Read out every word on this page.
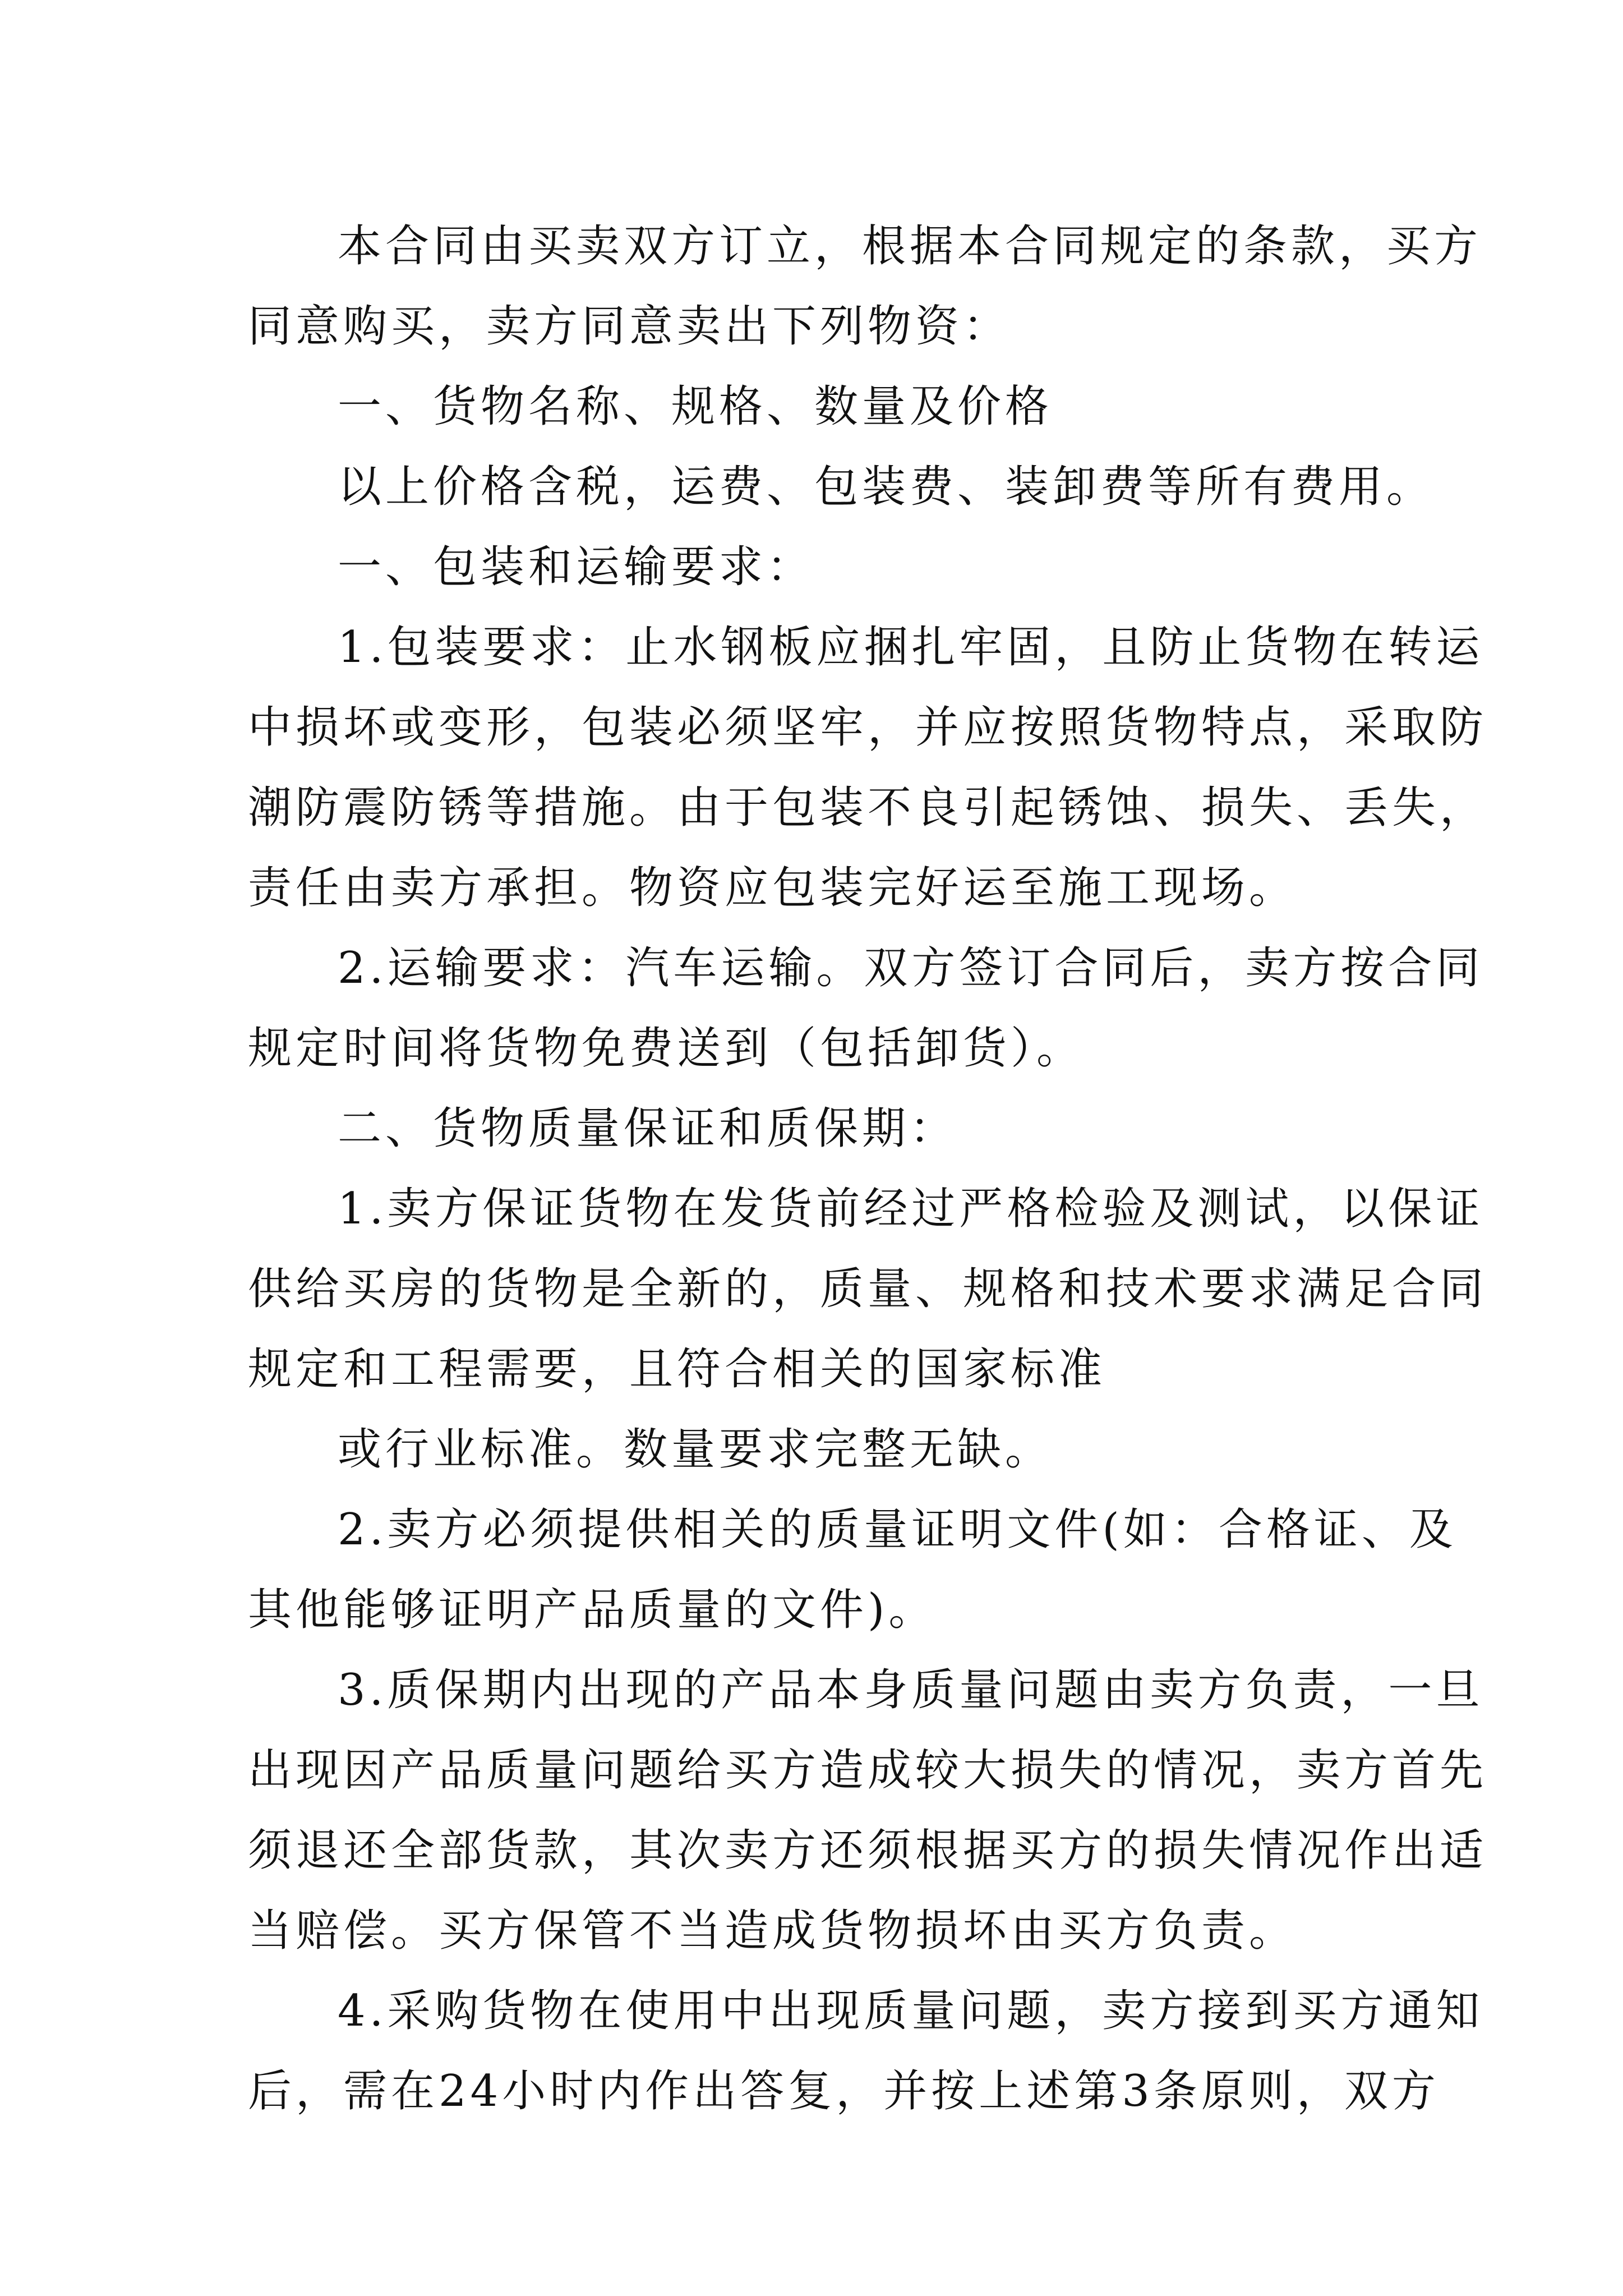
本合同由买卖双方订立，根据本合同规定的条款，买方
同意购买，卖方同意卖出下列物资：
一、货物名称、规格、数量及价格
以上价格含税，运费、包装费、装卸费等所有费用。
一、包装和运输要求：
1.包装要求：止水钢板应捆扎牢固，且防止货物在转运
中损坏或变形，包装必须坚牢，并应按照货物特点，采取防
潮防震防锈等措施。由于包装不良引起锈蚀、损失、丢失，
责任由卖方承担。物资应包装完好运至施工现场。
2.运输要求：汽车运输。双方签订合同后，卖方按合同
规定时间将货物免费送到（包括卸货）。
二、货物质量保证和质保期：
1.卖方保证货物在发货前经过严格检验及测试，以保证
供给买房的货物是全新的，质量、规格和技术要求满足合同
规定和工程需要，且符合相关的国家标准
或行业标准。数量要求完整无缺。
2.卖方必须提供相关的质量证明文件(如：合格证、及
其他能够证明产品质量的文件)。
3.质保期内出现的产品本身质量问题由卖方负责，一旦
出现因产品质量问题给买方造成较大损失的情况，卖方首先
须退还全部货款，其次卖方还须根据买方的损失情况作出适
当赔偿。买方保管不当造成货物损坏由买方负责。
4.采购货物在使用中出现质量问题，卖方接到买方通知
后，需在24小时内作出答复，并按上述第3条原则，双方
